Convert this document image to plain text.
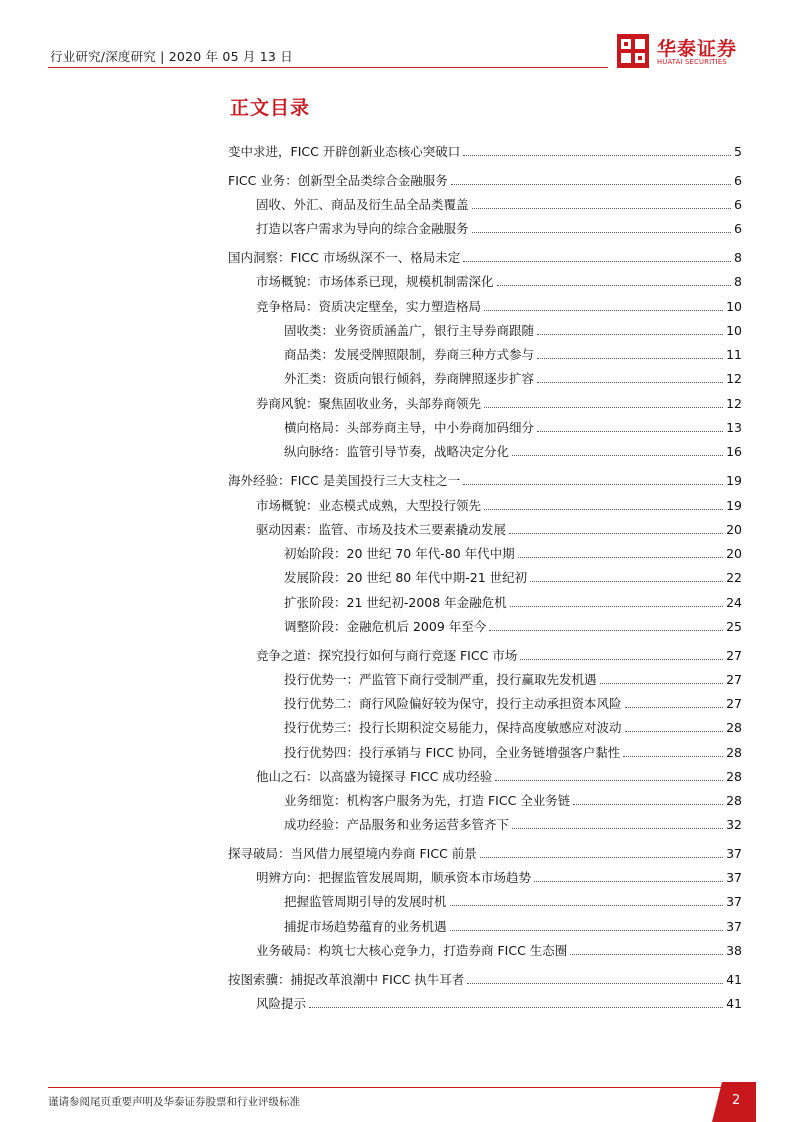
行业研究/深度研究 | 2020 年 05 月 13 日	华泰证券
HUATAI SECURITIES
正文目录
变中求进，FICC 开辟创新业态核心突破口	5
FICC 业务：创新型全品类综合金融服务	6
固收、外汇、商品及衍生品全品类覆盖	6
打造以客户需求为导向的综合金融服务	6
国内洞察：FICC 市场纵深不一、格局未定	8
市场概貌：市场体系已现，规模机制需深化	8
竞争格局：资质决定壁垒，实力塑造格局	10
固收类：业务资质涵盖广，银行主导券商跟随	10
商品类：发展受牌照限制，券商三种方式参与	11
外汇类：资质向银行倾斜，券商牌照逐步扩容	12
券商风貌：聚焦固收业务，头部券商领先	12
横向格局：头部券商主导，中小券商加码细分	13
纵向脉络：监管引导节奏，战略决定分化	16
海外经验：FICC 是美国投行三大支柱之一	19
市场概貌：业态模式成熟，大型投行领先	19
驱动因素：监管、市场及技术三要素撬动发展	20
初始阶段：20 世纪 70 年代-80 年代中期	20
发展阶段：20 世纪 80 年代中期-21 世纪初	22
扩张阶段：21 世纪初-2008 年金融危机	24
调整阶段：金融危机后 2009 年至今	25
竞争之道：探究投行如何与商行竞逐 FICC 市场	27
投行优势一：严监管下商行受制严重，投行赢取先发机遇	27
投行优势二：商行风险偏好较为保守，投行主动承担资本风险	27
投行优势三：投行长期积淀交易能力，保持高度敏感应对波动	28
投行优势四：投行承销与 FICC 协同，全业务链增强客户黏性	28
他山之石：以高盛为镜探寻 FICC 成功经验	28
业务细览：机构客户服务为先，打造 FICC 全业务链	28
成功经验：产品服务和业务运营多管齐下	32
探寻破局：当风借力展望境内券商 FICC 前景	37
明辨方向：把握监管发展周期，顺承资本市场趋势	37
把握监管周期引导的发展时机	37
捕捉市场趋势蕴育的业务机遇	37
业务破局：构筑七大核心竞争力，打造券商 FICC 生态圈	38
按图索骥：捕捉改革浪潮中 FICC 执牛耳者	41
风险提示	41
谨请参阅尾页重要声明及华泰证券股票和行业评级标准	2
